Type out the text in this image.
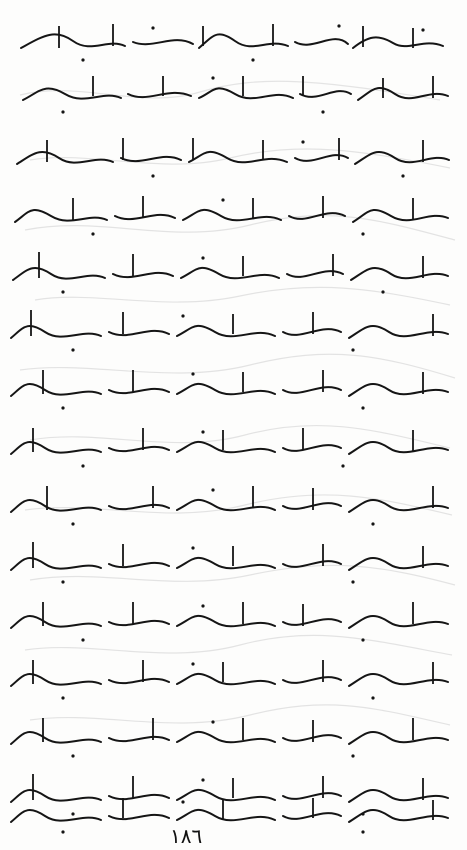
١٨٦
